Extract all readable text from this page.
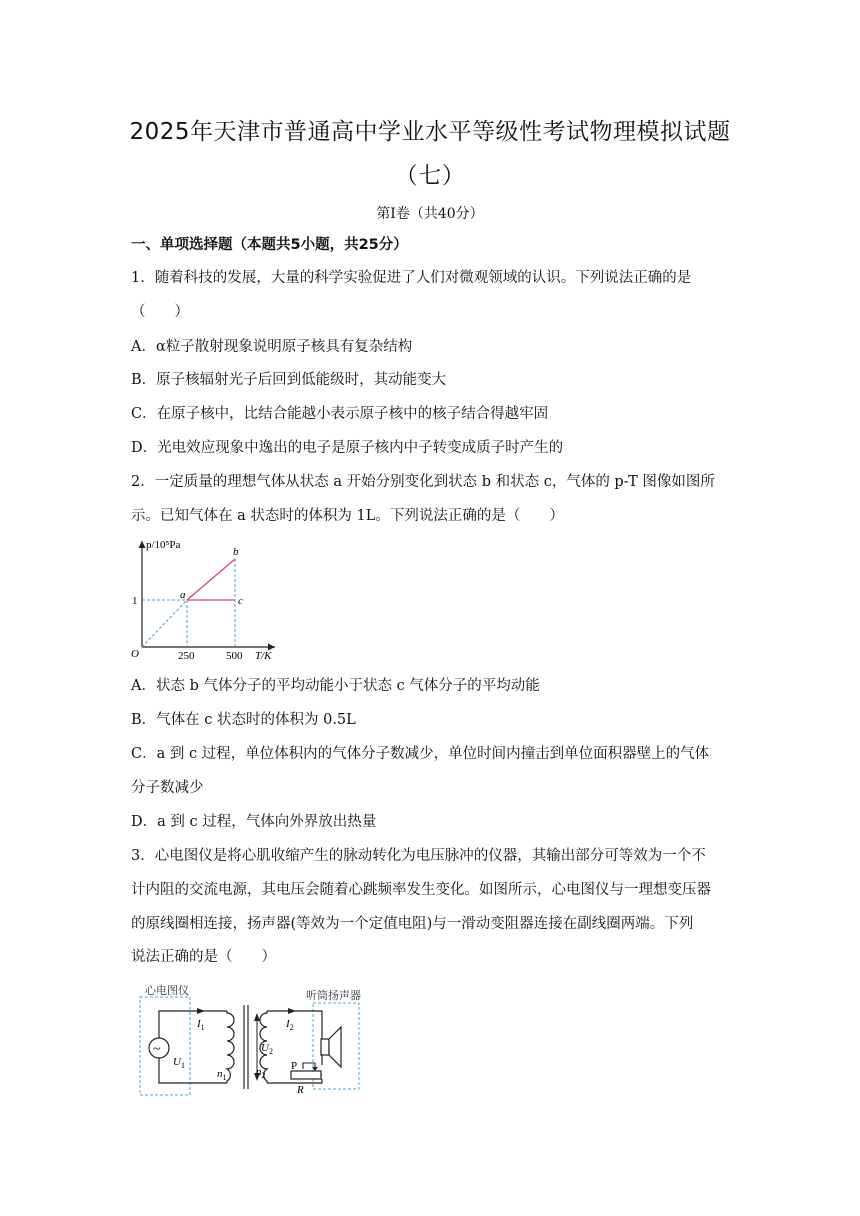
2025年天津市普通高中学业水平等级性考试物理模拟试题
（七）
第Ⅰ卷（共40分）
一、单项选择题（本题共5小题，共25分）
1．随着科技的发展，大量的科学实验促进了人们对微观领域的认识。下列说法正确的是
（　　）
A．α粒子散射现象说明原子核具有复杂结构
B．原子核辐射光子后回到低能级时，其动能变大
C．在原子核中，比结合能越小表示原子核中的核子结合得越牢固
D．光电效应现象中逸出的电子是原子核内中子转变成质子时产生的
2．一定质量的理想气体从状态 a 开始分别变化到状态 b 和状态 c，气体的 p-T 图像如图所
示。已知气体在 a 状态时的体积为 1L。下列说法正确的是（　　）
p/10⁵Pa
T/K
O
1
250	500
a
b
c
A．状态 b 气体分子的平均动能小于状态 c 气体分子的平均动能
B．气体在 c 状态时的体积为 0.5L
C．a 到 c 过程，单位体积内的气体分子数减少，单位时间内撞击到单位面积器壁上的气体
分子数减少
D．a 到 c 过程，气体向外界放出热量
3．心电图仪是将心肌收缩产生的脉动转化为电压脉冲的仪器，其输出部分可等效为一个不
计内阻的交流电源，其电压会随着心跳频率发生变化。如图所示，心电图仪与一理想变压器
的原线圈相连接，扬声器(等效为一个定值电阻)与一滑动变阻器连接在副线圈两端。下列
说法正确的是（　　）
心电图仪	听筒扬声器
~
$I_1$
$U_1$
$n_1$
$I_2$
$U_2$
$n_2$
P
R
